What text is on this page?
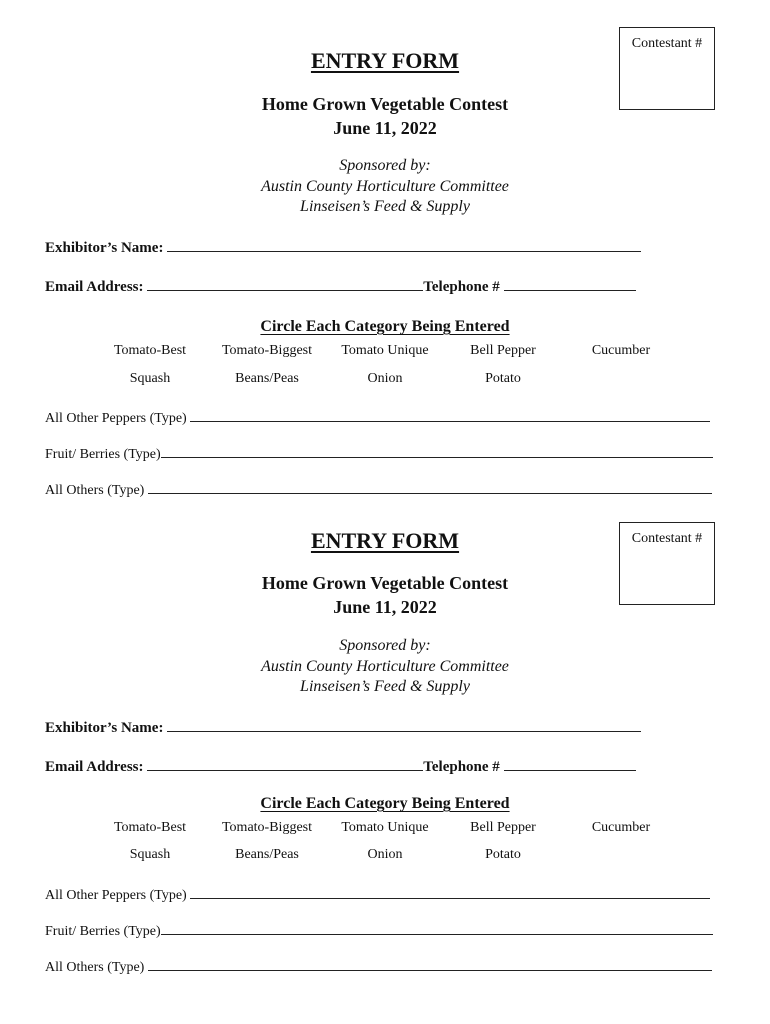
Contestant #
ENTRY FORM
Home Grown Vegetable Contest
June 11, 2022
Sponsored by:
Austin County Horticulture Committee
Linseisen’s Feed & Supply
Exhibitor’s Name:
Email Address:	Telephone #
Circle Each Category Being Entered
Tomato-Best	Tomato-Biggest	Tomato Unique	Bell Pepper	Cucumber
Squash	Beans/Peas	Onion	Potato
All Other Peppers (Type)
Fruit/ Berries (Type)
All Others (Type)
Contestant #
ENTRY FORM
Home Grown Vegetable Contest
June 11, 2022
Sponsored by:
Austin County Horticulture Committee
Linseisen’s Feed & Supply
Exhibitor’s Name:
Email Address:	Telephone #
Circle Each Category Being Entered
Tomato-Best	Tomato-Biggest	Tomato Unique	Bell Pepper	Cucumber
Squash	Beans/Peas	Onion	Potato
All Other Peppers (Type)
Fruit/ Berries (Type)
All Others (Type)
